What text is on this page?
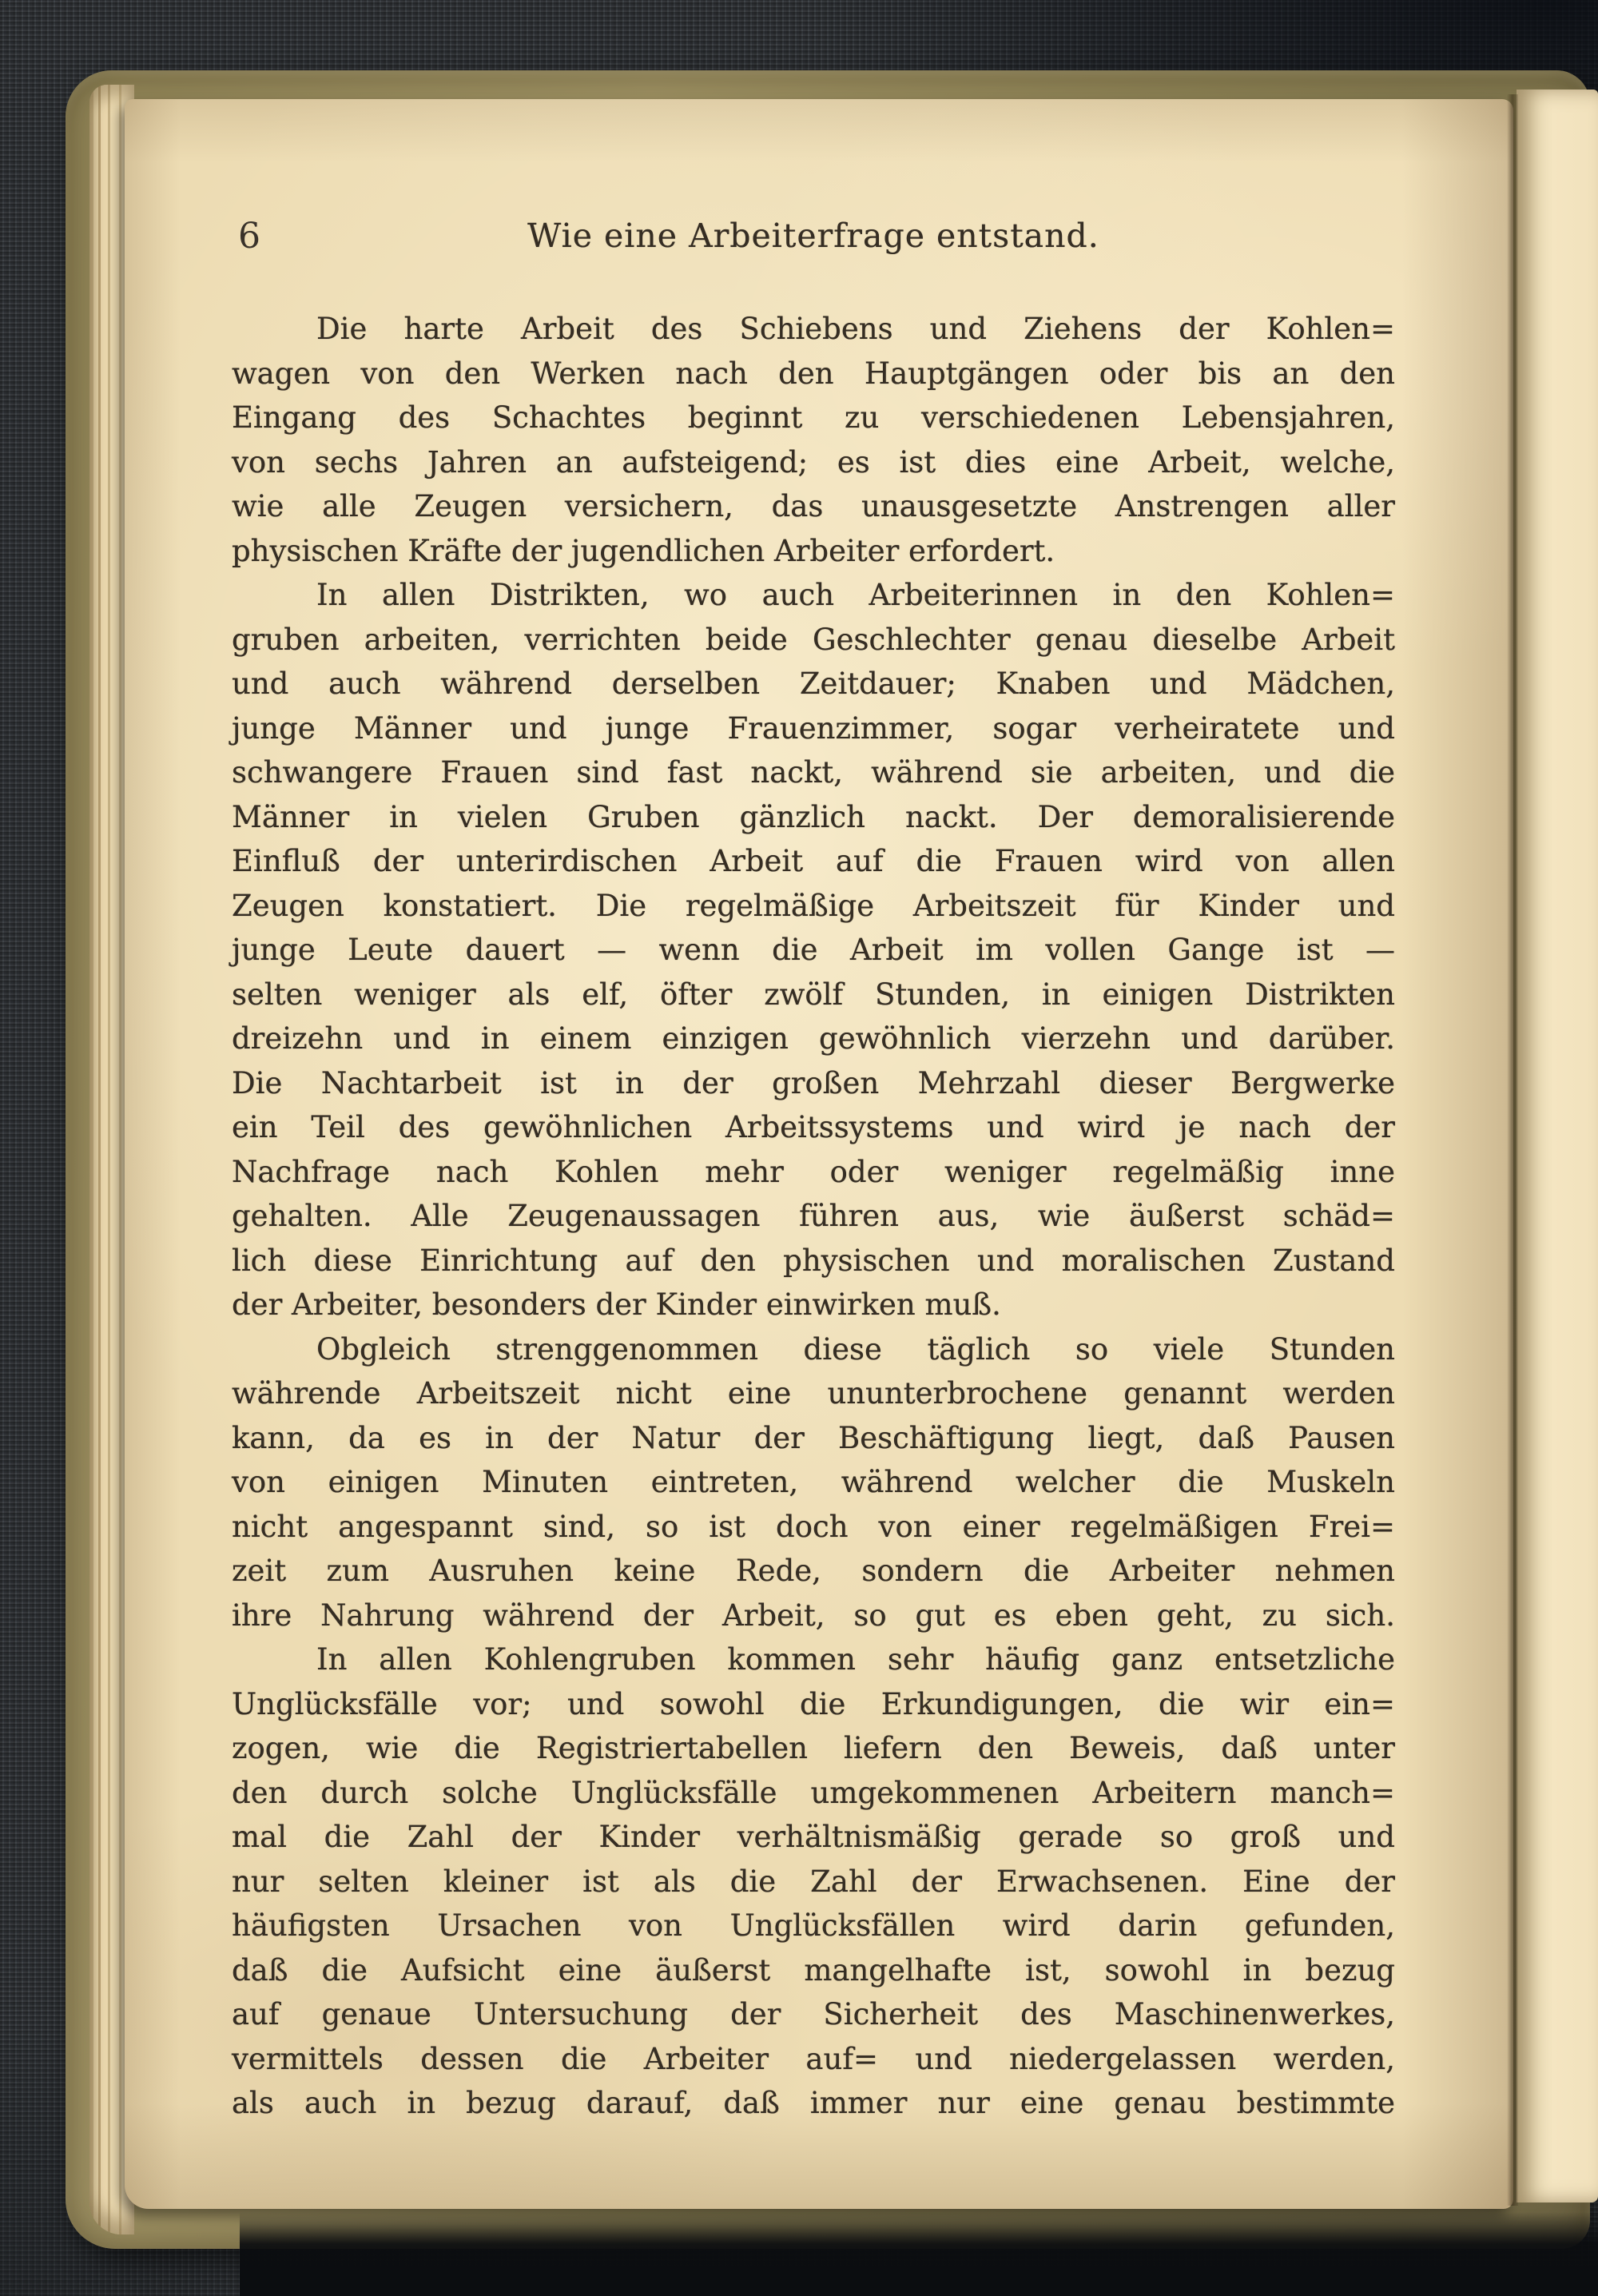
6	Wie eine Arbeiterfrage entstand.
Die harte Arbeit des Schiebens und Ziehens der Kohlen=
wagen von den Werken nach den Hauptgängen oder bis an den
Eingang des Schachtes beginnt zu verschiedenen Lebensjahren,
von sechs Jahren an aufsteigend; es ist dies eine Arbeit, welche,
wie alle Zeugen versichern, das unausgesetzte Anstrengen aller
physischen Kräfte der jugendlichen Arbeiter erfordert.
In allen Distrikten, wo auch Arbeiterinnen in den Kohlen=
gruben arbeiten, verrichten beide Geschlechter genau dieselbe Arbeit
und auch während derselben Zeitdauer; Knaben und Mädchen,
junge Männer und junge Frauenzimmer, sogar verheiratete und
schwangere Frauen sind fast nackt, während sie arbeiten, und die
Männer in vielen Gruben gänzlich nackt. Der demoralisierende
Einfluß der unterirdischen Arbeit auf die Frauen wird von allen
Zeugen konstatiert. Die regelmäßige Arbeitszeit für Kinder und
junge Leute dauert — wenn die Arbeit im vollen Gange ist —
selten weniger als elf, öfter zwölf Stunden, in einigen Distrikten
dreizehn und in einem einzigen gewöhnlich vierzehn und darüber.
Die Nachtarbeit ist in der großen Mehrzahl dieser Bergwerke
ein Teil des gewöhnlichen Arbeitssystems und wird je nach der
Nachfrage nach Kohlen mehr oder weniger regelmäßig inne
gehalten. Alle Zeugenaussagen führen aus, wie äußerst schäd=
lich diese Einrichtung auf den physischen und moralischen Zustand
der Arbeiter, besonders der Kinder einwirken muß.
Obgleich strenggenommen diese täglich so viele Stunden
währende Arbeitszeit nicht eine ununterbrochene genannt werden
kann, da es in der Natur der Beschäftigung liegt, daß Pausen
von einigen Minuten eintreten, während welcher die Muskeln
nicht angespannt sind, so ist doch von einer regelmäßigen Frei=
zeit zum Ausruhen keine Rede, sondern die Arbeiter nehmen
ihre Nahrung während der Arbeit, so gut es eben geht, zu sich.
In allen Kohlengruben kommen sehr häufig ganz entsetzliche
Unglücksfälle vor; und sowohl die Erkundigungen, die wir ein=
zogen, wie die Registriertabellen liefern den Beweis, daß unter
den durch solche Unglücksfälle umgekommenen Arbeitern manch=
mal die Zahl der Kinder verhältnismäßig gerade so groß und
nur selten kleiner ist als die Zahl der Erwachsenen. Eine der
häufigsten Ursachen von Unglücksfällen wird darin gefunden,
daß die Aufsicht eine äußerst mangelhafte ist, sowohl in bezug
auf genaue Untersuchung der Sicherheit des Maschinenwerkes,
vermittels dessen die Arbeiter auf= und niedergelassen werden,
als auch in bezug darauf, daß immer nur eine genau bestimmte
